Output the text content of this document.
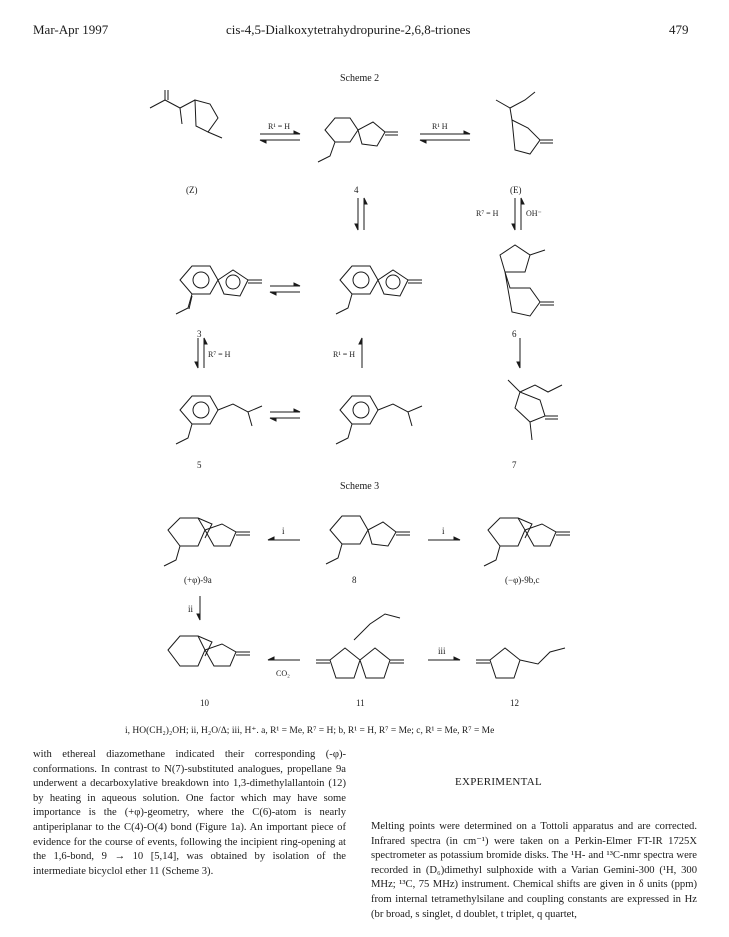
Mar-Apr 1997	cis-4,5-Dialkoxytetrahydropurine-2,6,8-triones	479
Scheme 2
Scheme 3
(Z)	4	(E)
3	6
5	7
R¹ = H	R¹ H
R⁷ = H	OH⁻
R⁷ = H	R¹ = H
(+φ)-9a	8	(−φ)-9b,c
10	11	12
i	i
ii
iii
CO₂
i, HO(CH₂)₂OH; ii, H₂O/Δ; iii, H⁺. a, R¹ = Me, R⁷ = H; b, R¹ = H, R⁷ = Me; c, R¹ = Me, R⁷ = Me

with ethereal diazomethane indicated their corresponding (-φ)-conformations. In contrast to N(7)-substituted analogues, propellane 9a underwent a decarboxylative breakdown into 1,3-dimethylallantoin (12) by heating in aqueous solution. One factor which may have some importance is the (+φ)-geometry, where the C(6)-atom is nearly antiperiplanar to the C(4)-O(4) bond (Figure 1a). An important piece of evidence for the course of events, following the incipient ring-opening at the 1,6-bond, 9 → 10 [5,14], was obtained by isolation of the intermediate bicyclol ether 11 (Scheme 3).

EXPERIMENTAL

Melting points were determined on a Tottoli apparatus and are corrected. Infrared spectra (in cm⁻¹) were taken on a Perkin-Elmer FT-IR 1725X spectrometer as potassium bromide disks. The ¹H- and ¹³C-nmr spectra were recorded in (D₆)dimethyl sulphoxide with a Varian Gemini-300 (¹H, 300 MHz; ¹³C, 75 MHz) instrument. Chemical shifts are given in δ units (ppm) from internal tetramethylsilane and coupling constants are expressed in Hz (br broad, s singlet, d doublet, t triplet, q quartet,
